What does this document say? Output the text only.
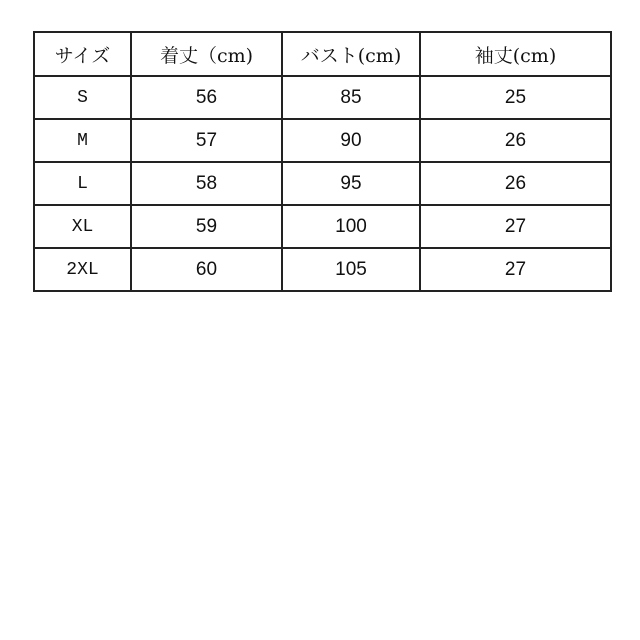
サイズ	着丈（cm)	バスト(cm)	袖丈(cm)
S	56	85	25
M	57	90	26
L	58	95	26
XL	59	100	27
2XL	60	105	27
